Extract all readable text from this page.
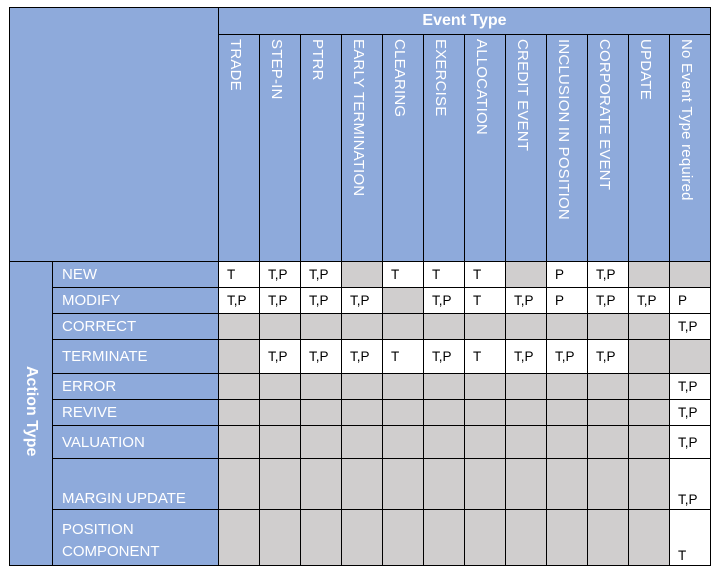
		Event Type											
		TRADE	STEP-IN	PTRR	EARLY TERMINATION	CLEARING	EXERCISE	ALLOCATION	CREDIT EVENT	INCLUSION IN POSITION	CORPORATE EVENT	UPDATE	No Event Type required
Action Type	NEW	T	T,P	T,P		T	T	T		P	T,P		
	MODIFY	T,P	T,P	T,P	T,P		T,P	T	T,P	P	T,P	T,P	P
	CORRECT												T,P
	TERMINATE		T,P	T,P	T,P	T	T,P	T	T,P	T,P	T,P		
	ERROR												T,P
	REVIVE												T,P
	VALUATION												T,P
	MARGIN UPDATE												T,P
	POSITION COMPONENT												T
